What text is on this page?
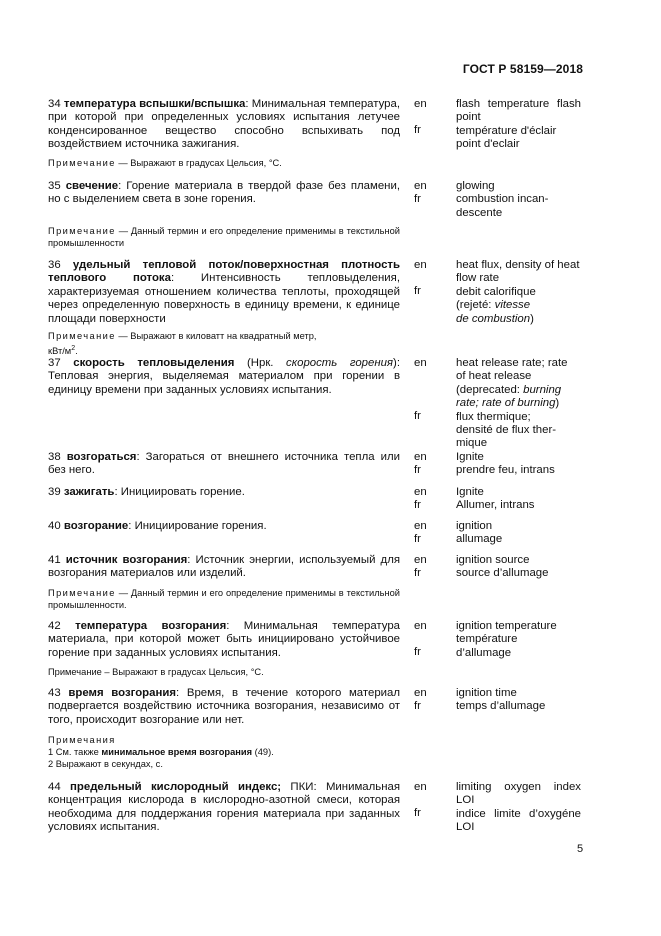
ГОСТ Р 58159—2018
34 температура вспышки/вспышка: Минимальная температура, при которой при определенных условиях испытания летучее конденсированное вещество способно вспыхивать под воздействием источника зажигания.
en
fr
flash temperature flash
point
température d'éclair
point d'eclair
Примечание — Выражают в градусах Цельсия, °С.
35 свечение: Горение материала в твердой фазе без пламени, но с выделением света в зоне горения.
en
fr
glowing
combustion incan-
descente
Примечание — Данный термин и его определение применимы в текстильной промышленности
36 удельный тепловой поток/поверхностная плотность теплового потока: Интенсивность тепловыделения, характеризуемая отношением количества теплоты, проходящей через определенную поверхность в единицу времени, к единице площади поверхности
en
fr
heat flux, density of heat
flow rate
debit calorifique
(rejeté: vitesse
de combustion)
Примечание — Выражают в киловатт на квадратный метр,
кВт/$м^2$.
37 скорость тепловыделения (Нрк. скорость горения): Тепловая энергия, выделяемая материалом при горении в единицу времени при заданных условиях испытания.
en
fr
heat release rate; rate
of heat release
(deprecated: burning
rate; rate of burning)
flux thermique;
densité de flux ther-
mique
38 возгораться: Загораться от внешнего источника тепла или без него.
en
fr
Ignite
prendre feu, intrans
39 зажигать: Инициировать горение.	en
fr
Ignite
Allumer, intrans
40 возгорание: Инициирование горения.	en
fr
ignition
allumage
41 источник возгорания: Источник энергии, используемый для возгорания материалов или изделий.
en
fr
ignition source
source d’allumage
Примечание — Данный термин и его определение применимы в текстильной промышленности.
42 температура возгорания: Минимальная температура материала, при которой может быть инициировано устойчивое горение при заданных условиях испытания.
en
fr
ignition temperature
température
d’allumage
Примечание – Выражают в градусах Цельсия, °С.
43 время возгорания: Время, в течение которого материал подвергается воздействию источника возгорания, независимо от того, происходит возгорание или нет.
en
fr
ignition time
temps d’allumage
Примечания
1 См. также минимальное время возгорания (49).
2 Выражают в секундах, с.
44 предельный кислородный индекс; ПКИ: Минимальная концентрация кислорода в кислородно-азотной смеси, которая необходима для поддержания горения материала при заданных условиях испытания.
en
fr
limiting oxygen index
LOI
indice limite d’oxygéne
LOI
5
